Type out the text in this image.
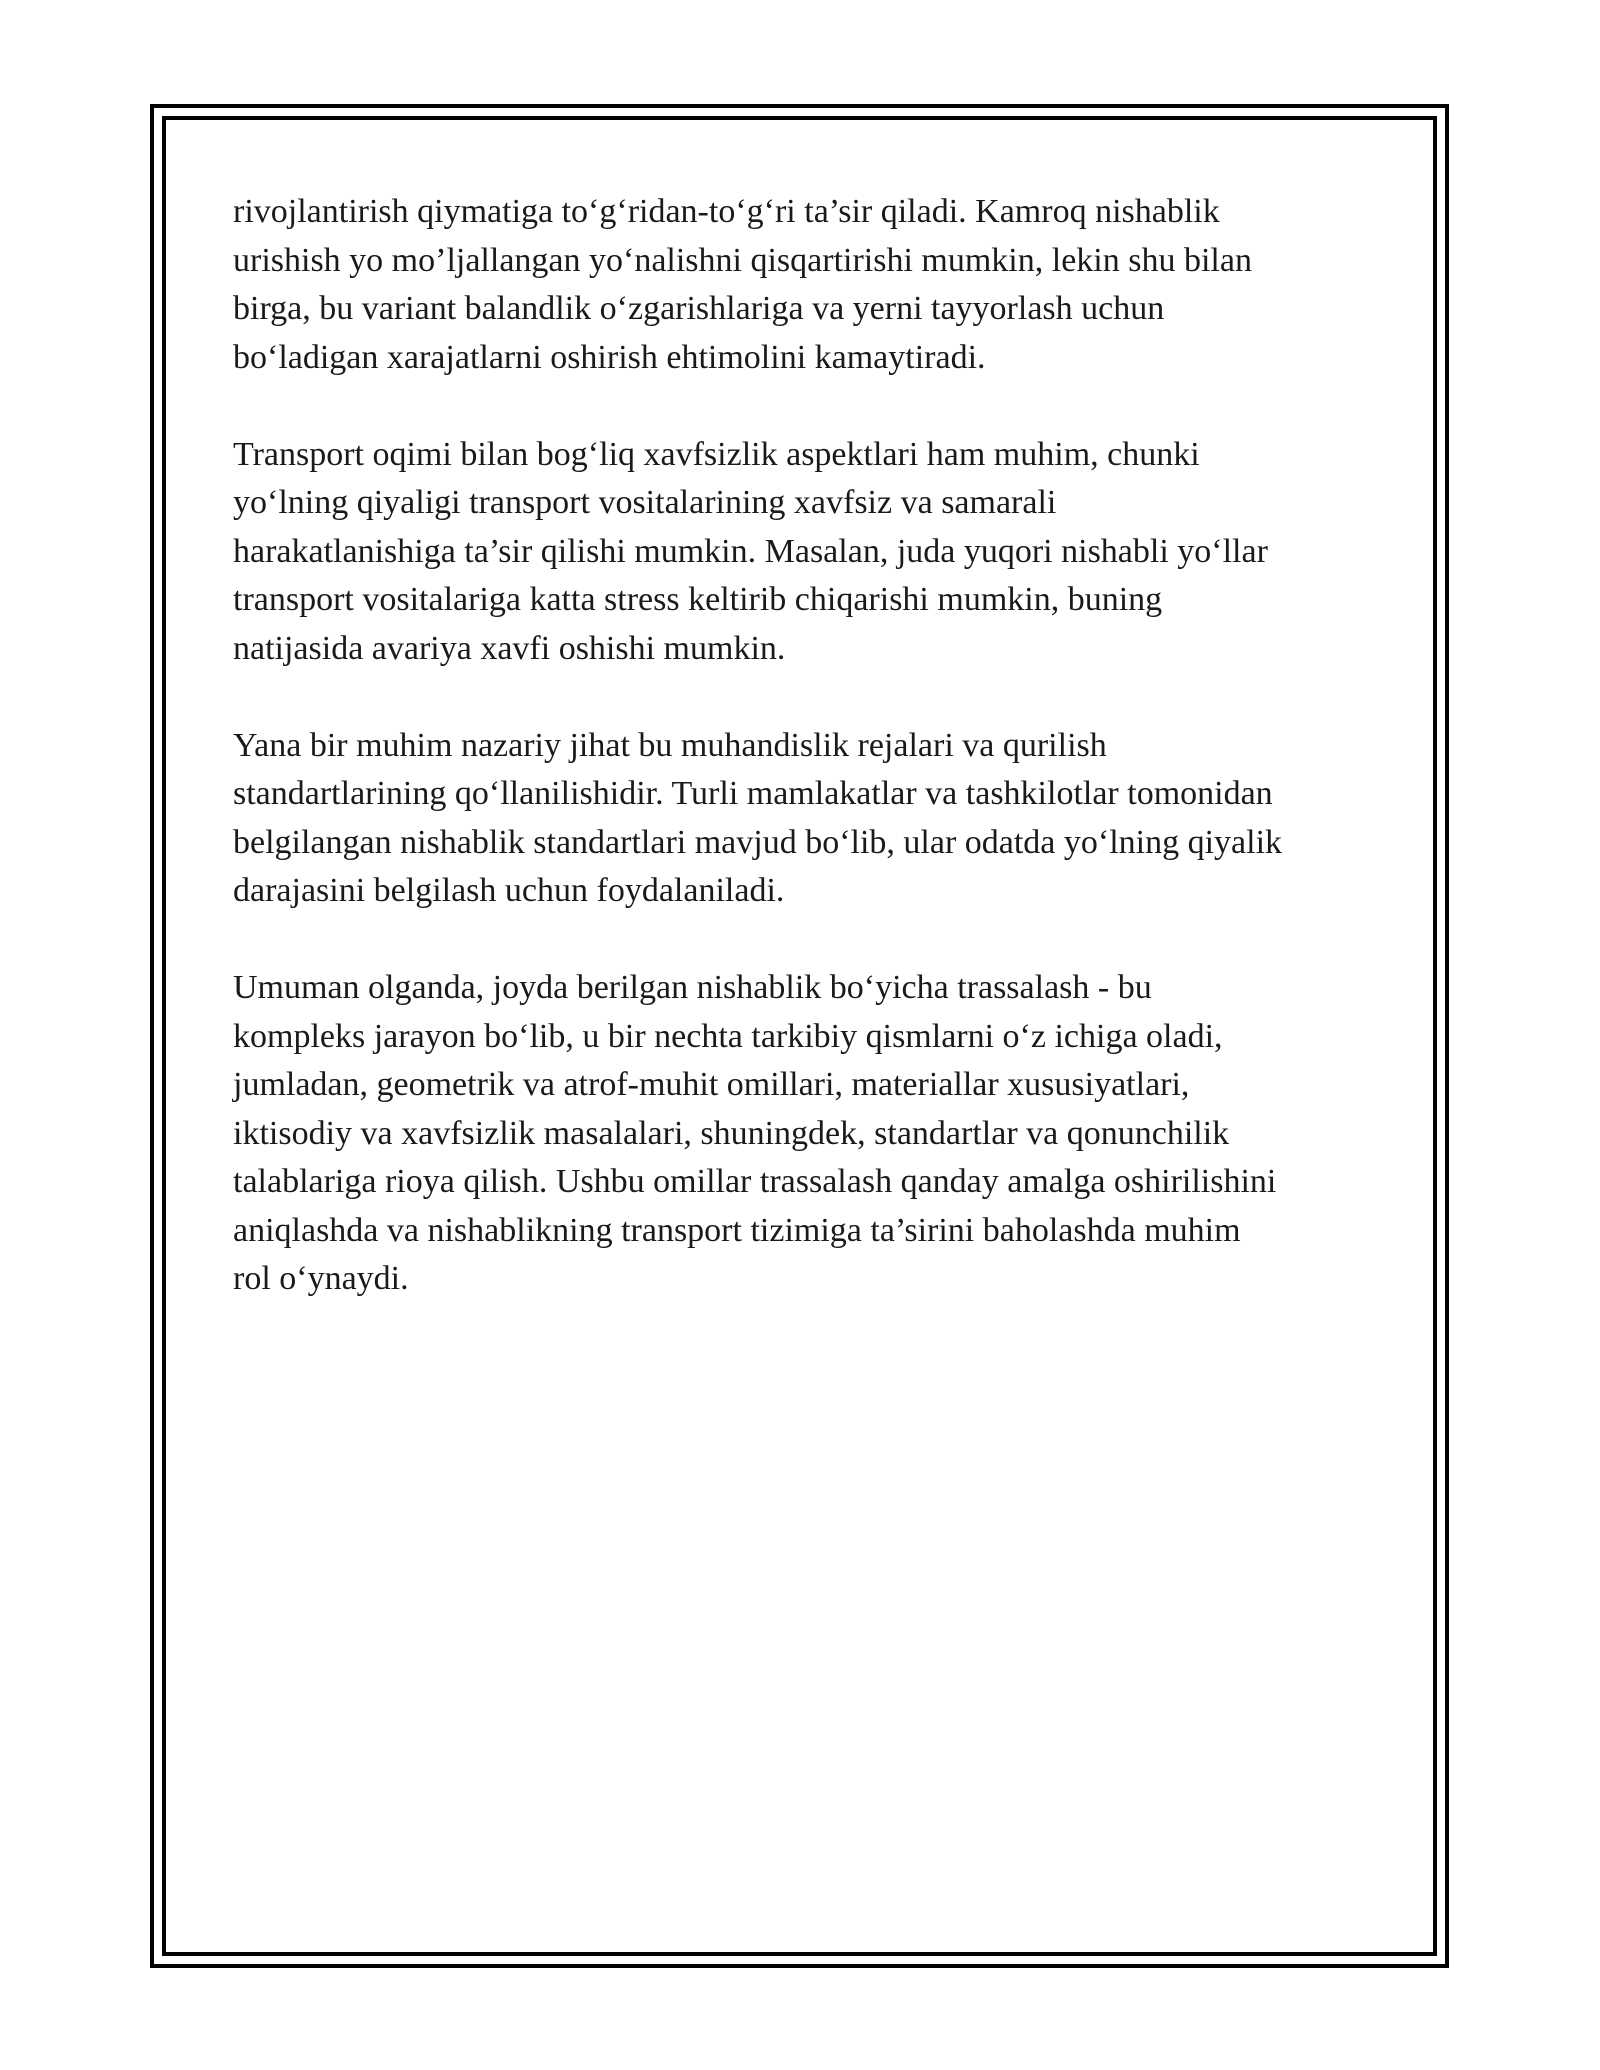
rivojlantirish qiymatiga to‘g‘ridan-to‘g‘ri ta’sir qiladi. Kamroq nishablik
urishish yo mo’ljallangan yo‘nalishni qisqartirishi mumkin, lekin shu bilan
birga, bu variant balandlik o‘zgarishlariga va yerni tayyorlash uchun
bo‘ladigan xarajatlarni oshirish ehtimolini kamaytiradi.

Transport oqimi bilan bog‘liq xavfsizlik aspektlari ham muhim, chunki
yo‘lning qiyaligi transport vositalarining xavfsiz va samarali
harakatlanishiga ta’sir qilishi mumkin. Masalan, juda yuqori nishabli yo‘llar
transport vositalariga katta stress keltirib chiqarishi mumkin, buning
natijasida avariya xavfi oshishi mumkin.

Yana bir muhim nazariy jihat bu muhandislik rejalari va qurilish
standartlarining qo‘llanilishidir. Turli mamlakatlar va tashkilotlar tomonidan
belgilangan nishablik standartlari mavjud bo‘lib, ular odatda yo‘lning qiyalik
darajasini belgilash uchun foydalaniladi.

Umuman olganda, joyda berilgan nishablik bo‘yicha trassalash - bu
kompleks jarayon bo‘lib, u bir nechta tarkibiy qismlarni o‘z ichiga oladi,
jumladan, geometrik va atrof-muhit omillari, materiallar xususiyatlari,
iktisodiy va xavfsizlik masalalari, shuningdek, standartlar va qonunchilik
talablariga rioya qilish. Ushbu omillar trassalash qanday amalga oshirilishini
aniqlashda va nishablikning transport tizimiga ta’sirini baholashda muhim
rol o‘ynaydi.
